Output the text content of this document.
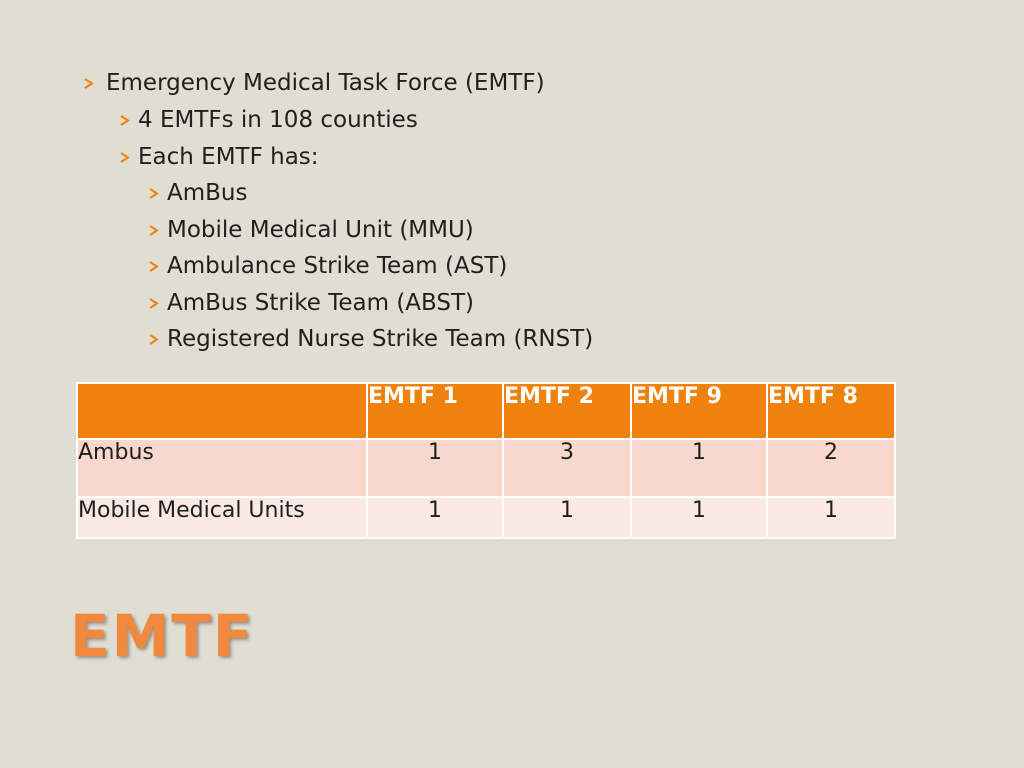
Emergency Medical Task Force (EMTF)
4 EMTFs in 108 counties
Each EMTF has:
AmBus
Mobile Medical Unit (MMU)
Ambulance Strike Team (AST)
AmBus Strike Team (ABST)
Registered Nurse Strike Team (RNST)
	EMTF 1	EMTF 2	EMTF 9	EMTF 8
Ambus	1	3	1	2
Mobile Medical Units	1	1	1	1
EMTF
